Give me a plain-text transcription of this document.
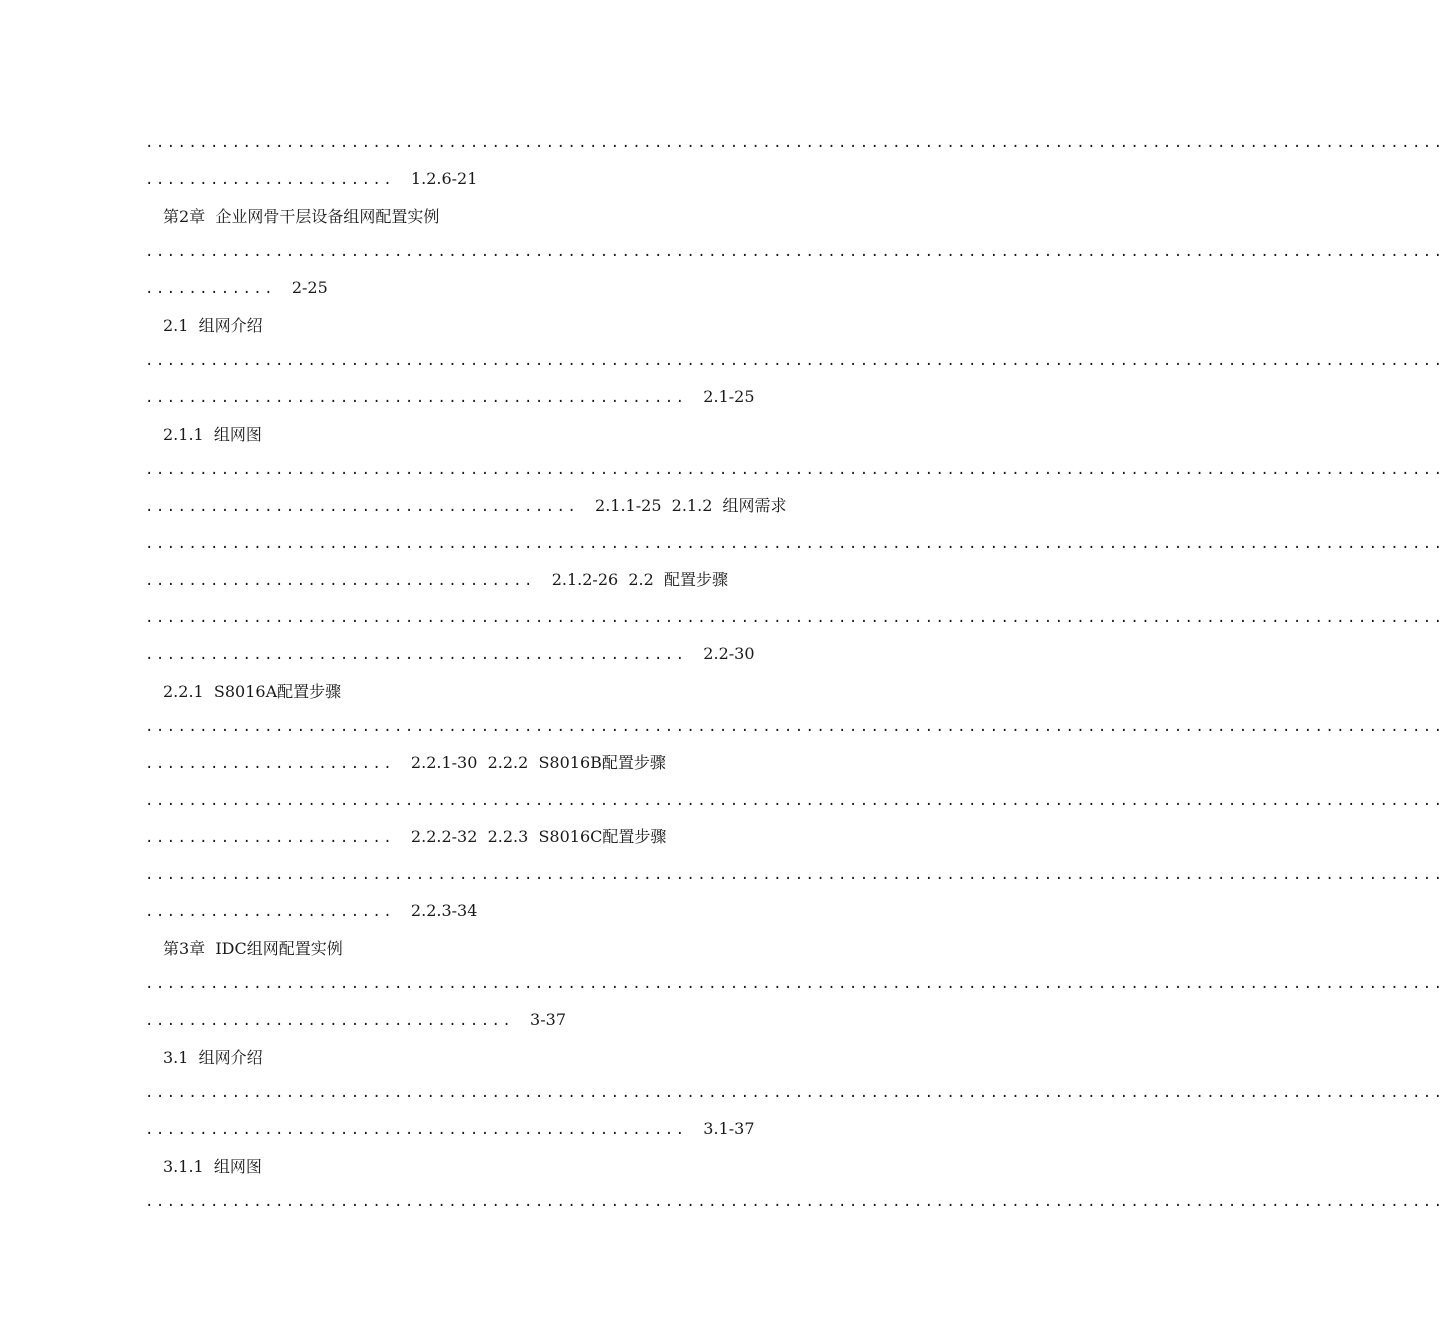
........................................................................................................................
....................... 1.2.6-21
第2章  企业网骨干层设备组网配置实例
........................................................................................................................
............ 2-25
2.1  组网介绍
........................................................................................................................
.................................................. 2.1-25
2.1.1  组网图
........................................................................................................................
........................................ 2.1.1-25  2.1.2  组网需求
........................................................................................................................
.................................... 2.1.2-26  2.2  配置步骤
........................................................................................................................
.................................................. 2.2-30
2.2.1  S8016A配置步骤
........................................................................................................................
....................... 2.2.1-30  2.2.2  S8016B配置步骤
........................................................................................................................
....................... 2.2.2-32  2.2.3  S8016C配置步骤
........................................................................................................................
....................... 2.2.3-34
第3章  IDC组网配置实例
........................................................................................................................
.................................. 3-37
3.1  组网介绍
........................................................................................................................
.................................................. 3.1-37
3.1.1  组网图
........................................................................................................................
